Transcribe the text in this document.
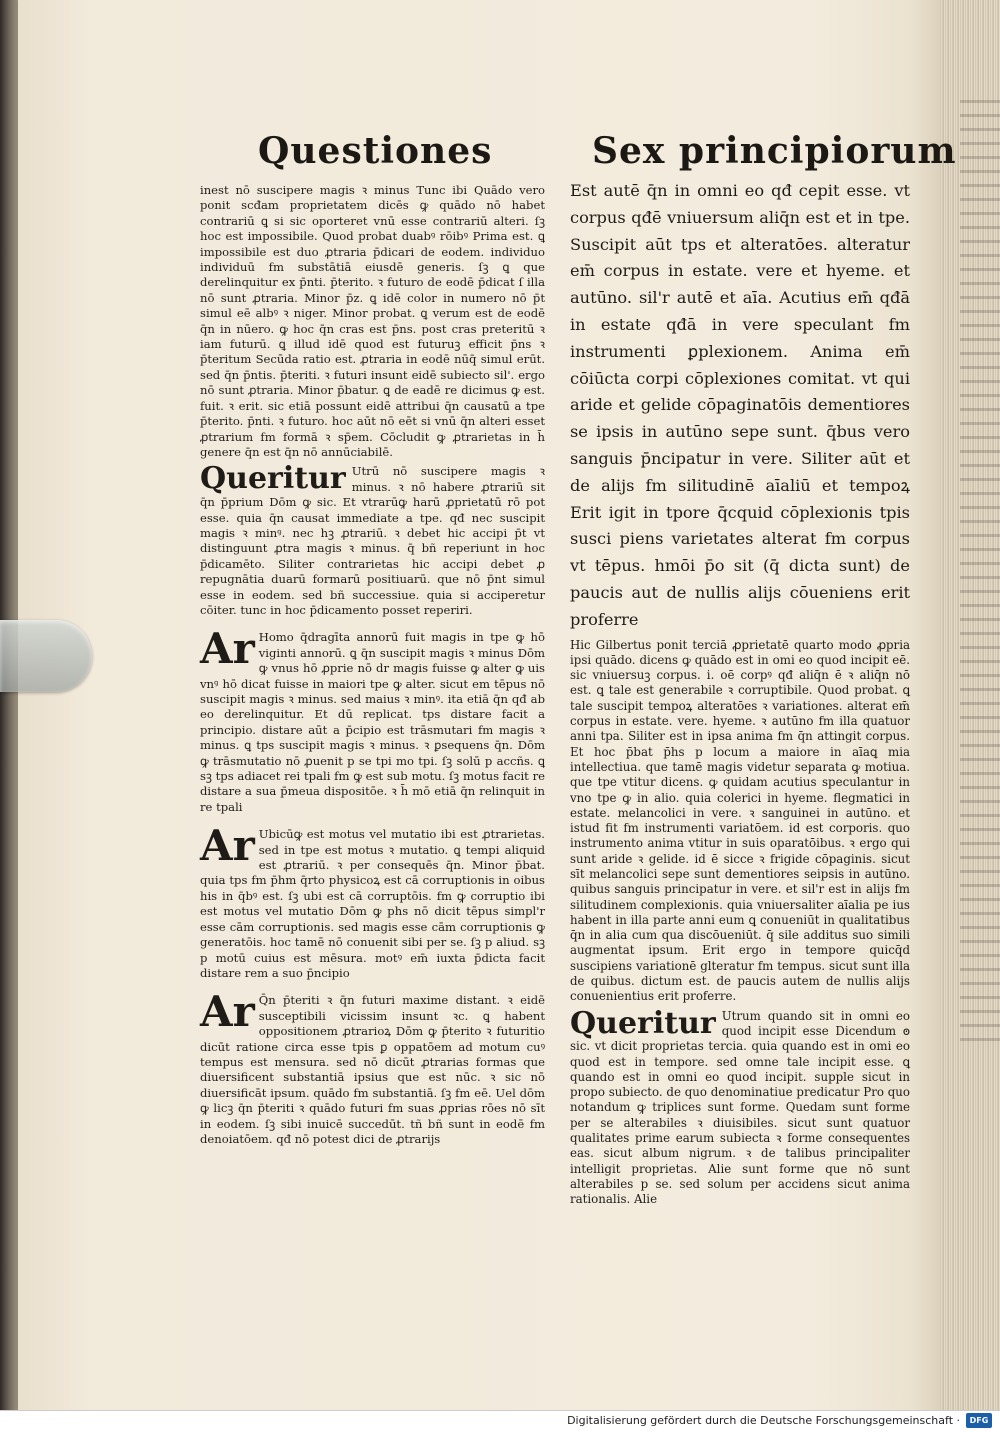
Questiones	Sex principiorum

inest nō suscipere magis ꝛ minus Tunc ibi Quādo vero ponit scđam proprietatem dicēs ꝙ quādo nō habet contrariū ꝗ si sic oporteret vnū esse contrariū alteri. ſꝫ hoc est impossibile. Quod probat duabꝰ rōibꝰ Prima est. ꝗ impossibile est duo ꝓtraria p̄dicari de eodem. individuo individuū fm substātiā eiusdē generis. ſꝫ ꝗ que derelinquitur ex p̄nti. p̄terito. ꝛ futuro de eodē p̄dicat ſ illa nō sunt ꝓtraria. Minor p̄z. ꝗ idē color in numero nō p̄t simul eē albꝰ ꝛ niger. Minor probat. ꝗ verum est de eodē q̄n in nūero. ꝙ hoc q̄n cras est p̄ns. post cras preteritū ꝛ iam futurū. ꝗ illud idē quod est futuruꝫ efficit p̄ns ꝛ p̄teritum Secūda ratio est. ꝓtraria in eodē nūq̄ simul erūt. sed q̄n p̄ntis. p̄teriti. ꝛ futuri insunt eidē subiecto sil'. ergo nō sunt ꝓtraria. Minor p̄batur. ꝗ de eadē re dicimus ꝙ est. fuit. ꝛ erit. sic etiā possunt eidē attribui q̄n causatū a tpe p̄terito. p̄nti. ꝛ futuro. hoc aūt nō eēt si vnū q̄n alteri esset ꝓtrarium fm formā ꝛ sp̄em. Cōcludit ꝙ ꝓtrarietas in h̄ genere q̄n est q̄n nō annūciabilē.

Queritur Utrū nō suscipere magis ꝛ minus. ꝛ nō habere ꝓtrariū sit q̄n p̄prium Dōm ꝙ sic. Et vtrarūꝙ harū ꝓprietatū rō pot esse. quia q̄n causat immediate a tpe. qđ nec suscipit magis ꝛ minꝰ. nec hꝫ ꝓtrariū. ꝛ debet hic accipi p̄t vt distinguunt ꝓtra magis ꝛ minus. q̄ bñ reperiunt in hoc p̄dicamēto. Siliter contrarietas hic accipi debet ꝓ repugnātia duarū formarū positiuarū. que nō p̄nt simul esse in eodem. sed bñ successiue. quia si acciperetur cōiter. tunc in hoc p̄dicamento posset reperiri.
Ar Homo q̄dragīta annorū fuit magis in tpe ꝙ hō viginti annorū. ꝗ q̄n suscipit magis ꝛ minus Dōm ꝙ vnus hō ꝓprie nō dr magis fuisse ꝙ alter ꝙ uis vnꝰ hō dicat fuisse in maiori tpe ꝙ alter. sicut em tēpus nō suscipit magis ꝛ minus. sed maius ꝛ minꝰ. ita etiā q̄n qđ ab eo derelinquitur. Et dū replicat. tps distare facit a principio. distare aūt a p̄cipio est trāsmutari fm magis ꝛ minus. ꝗ tps suscipit magis ꝛ minus. ꝛ ꝑsequens q̄n. Dōm ꝙ trāsmutatio nō ꝓuenit p se tpi mo tpi. ſꝫ solū p accñs. ꝗ sꝫ tps adiacet rei tpali fm ꝙ est sub motu. ſꝫ motus facit re distare a sua p̄meua dispositōe. ꝛ h̄ mō etiā q̄n relinquit in re tpali
Ar Ubicūꝙ est motus vel mutatio ibi est ꝓtrarietas. sed in tpe est motus ꝛ mutatio. ꝗ tempi aliquid est ꝓtrariū. ꝛ per consequēs q̄n. Minor p̄bat. quia tps fm p̄hm q̄rto physicoꝝ est cā corruptionis in oibus his in q̄bꝰ est. ſꝫ ubi est cā corruptōis. fm ꝙ corruptio ibi est motus vel mutatio Dōm ꝙ phs nō dicit tēpus simpl'r esse cām corruptionis. sed magis esse cām corruptionis ꝙ generatōis. hoc tamē nō conuenit sibi per se. ſꝫ p aliud. sꝫ p motū cuius est mēsura. motꝰ em̄ iuxta p̄dicta facit distare rem a suo p̄ncipio
Ar Q̄n p̄teriti ꝛ q̄n futuri maxime distant. ꝛ eidē susceptibili vicissim insunt ꝛc. ꝗ habent oppositionem ꝓtrarioꝝ Dōm ꝙ p̄terito ꝛ futuritio dicūt ratione circa esse tpis ꝑ oppatōem ad motum cuꝰ tempus est mensura. sed nō dicūt ꝓtrarias formas que diuersificent substantiā ipsius que est nūc. ꝛ sic nō diuersificāt ipsum. quādo fm substantiā. ſꝫ fm eē. Uel dōm ꝙ licꝫ q̄n p̄teriti ꝛ quādo futuri fm suas ꝓprias rōes nō sīt in eodem. ſꝫ sibi inuicē succedūt. tñ bñ sunt in eodē fm denoiatōem. qđ nō potest dici de ꝓtrarijs

Est autē q̄n in omni eo qđ cepit esse. vt corpus qđē vniuersum aliq̄n est et in tpe. Suscipit aūt tps et alteratōes. alteratur em̄ corpus in estate. vere et hyeme. et autūno. sil'r autē et aīa. Acutius em̄ qđā in estate qđā in vere speculant fm instrumenti ꝑplexionem. Anima em̄ cōiūcta corpi cōplexiones comitat. vt qui aride et gelide cōpaginatōis dementiores se ipsis in autūno sepe sunt. q̄bus vero sanguis p̄ncipatur in vere. Siliter aūt et de alijs fm silitudinē aīaliū et tempoꝝ Erit igit in tpore q̄cquid cōplexionis tpis susci piens varietates alterat fm corpus vt tēpus. hmōi p̄o sit (q̄ dicta sunt) de paucis aut de nullis alijs cōueniens erit proferre

Hic Gilbertus ponit terciā ꝓprietatē quarto modo ꝓpria ipsi quādo. dicens ꝙ quādo est in omi eo quod incipit eē. sic vniuersuꝫ corpus. i. oē corpꝰ qđ aliq̄n ē ꝛ aliq̄n nō est. ꝗ tale est generabile ꝛ corruptibile. Quod probat. ꝗ tale suscipit tempoꝝ alteratōes ꝛ variationes. alterat em̄ corpus in estate. vere. hyeme. ꝛ autūno fm illa quatuor anni tpa. Siliter est in ipsa anima fm q̄n attingit corpus. Et hoc p̄bat p̄hs p locum a maiore in aīaꝗ mia intellectiua. que tamē magis videtur separata ꝙ motiua. que tpe vtitur dicens. ꝙ quidam acutius speculantur in vno tpe ꝙ in alio. quia colerici in hyeme. flegmatici in estate. melancolici in vere. ꝛ sanguinei in autūno. et istud fit fm instrumenti variatōem. id est corporis. quo instrumento anima vtitur in suis oparatōibus. ꝛ ergo qui sunt aride ꝛ gelide. id ē sicce ꝛ frigide cōpaginis. sicut sīt melancolici sepe sunt dementiores seipsis in autūno. quibus sanguis principatur in vere. et sil'r est in alijs fm silitudinem complexionis. quia vniuersaliter aīalia pe ius habent in illa parte anni eum ꝗ conueniūt in qualitatibus q̄n in alia cum qua discōueniūt. q̄ sile additus suo simili augmentat ipsum. Erit ergo in tempore quicq̄d suscipiens variationē glteratur fm tempus. sicut sunt illa de quibus. dictum est. de paucis autem de nullis alijs conuenientius erit proferre.

Queritur Utrum quando sit in omni eo quod incipit esse Dicendum ꙩ sic. vt dicit proprietas tercia. quia quando est in omi eo quod est in tempore. sed omne tale incipit esse. ꝗ quando est in omni eo quod incipit. supple sicut in propo subiecto. de quo denominatiue predicatur Pro quo notandum ꝙ triplices sunt forme. Quedam sunt forme per se alterabiles ꝛ diuisibiles. sicut sunt quatuor qualitates prime earum subiecta ꝛ forme consequentes eas. sicut album nigrum. ꝛ de talibus principaliter intelligit proprietas. Alie sunt forme que nō sunt alterabiles p se. sed solum per accidens sicut anima rationalis. Alie
Digitalisierung gefördert durch die Deutsche Forschungsgemeinschaft ·	DFG
